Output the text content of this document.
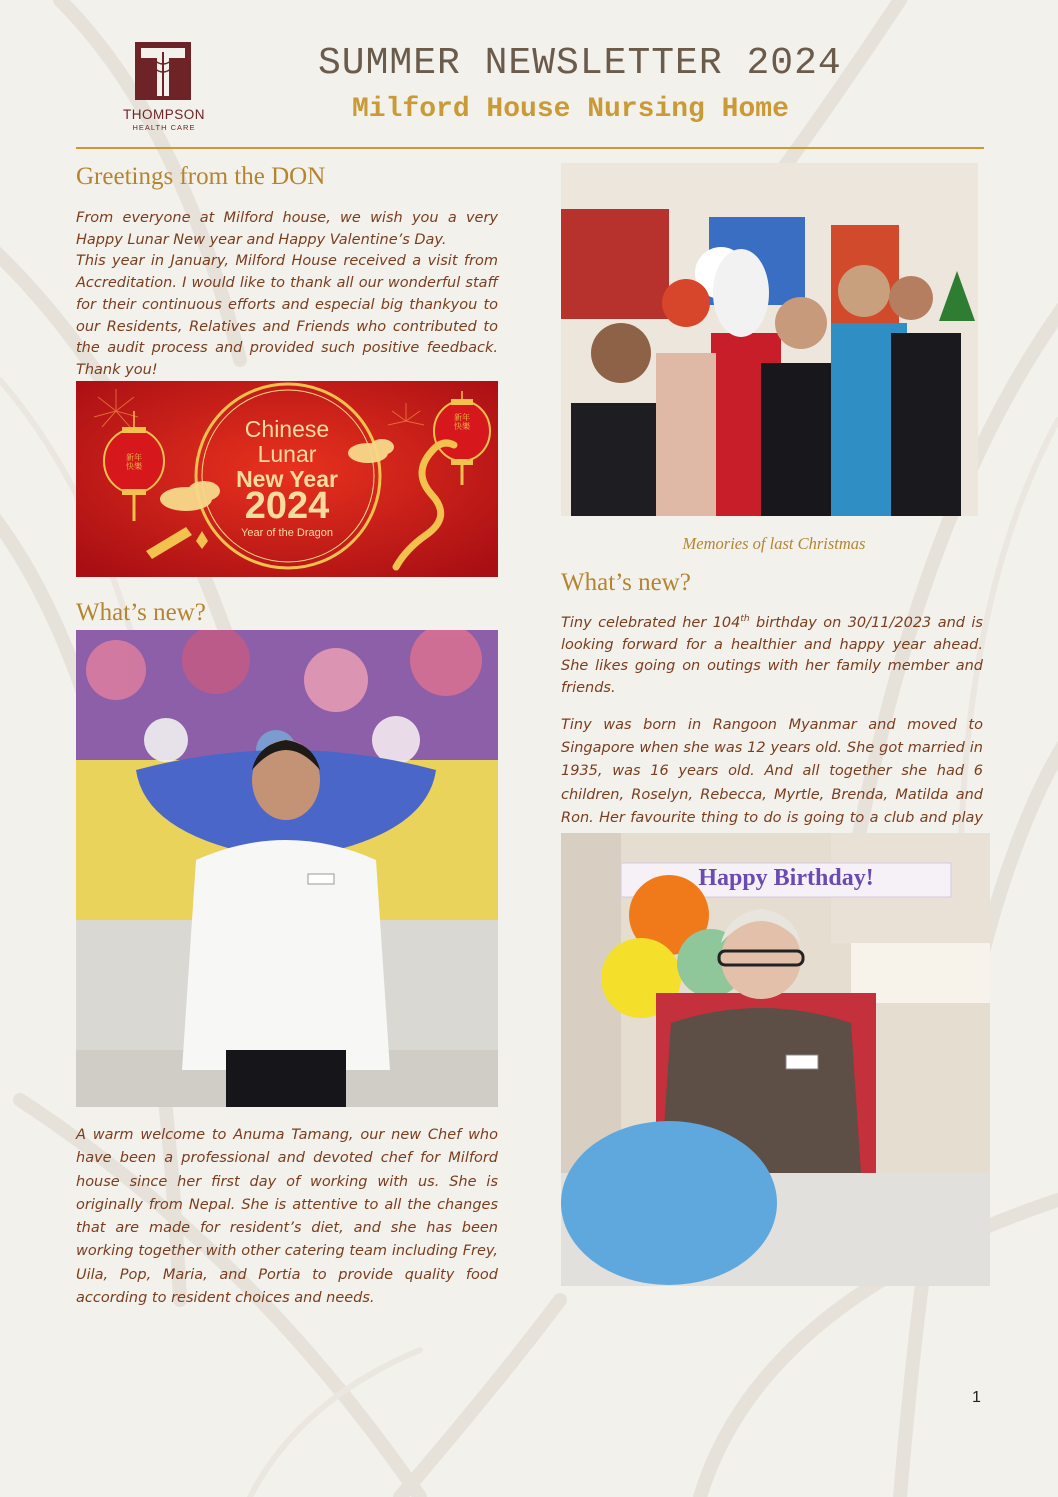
THOMPSON
HEALTH CARE
SUMMER NEWSLETTER 2024
Milford House Nursing Home
Greetings from the DON

From everyone at Milford house, we wish you a very Happy Lunar New year and Happy Valentine’s Day.

This year in January, Milford House received a visit from Accreditation. I would like to thank all our wonderful staff for their continuous efforts and especial big thankyou to our Residents, Relatives and Friends who contributed to the audit process and provided such positive feedback. Thank you!

Chinese
Lunar
New Year
2024
Year of the Dragon
新年快樂
新年快樂
What’s new?
A warm welcome to Anuma Tamang, our new Chef who have been a professional and devoted chef for Milford house since her first day of working with us. She is originally from Nepal. She is attentive to all the changes that are made for resident’s diet, and she has been working together with other catering team including Frey, Uila, Pop, Maria, and Portia to provide quality food according to resident choices and needs.
Memories of last Christmas
What’s new?

Tiny celebrated her 104th birthday on 30/11/2023 and is looking forward for a healthier and happy year ahead. She likes going on outings with her family member and friends.

Tiny was born in Rangoon Myanmar and moved to Singapore when she was 12 years old. She got married in 1935, was 16 years old. And all together she had 6 children, Roselyn, Rebecca, Myrtle, Brenda, Matilda and Ron. Her favourite thing to do is going to a club and play

Happy Birthday!
1
